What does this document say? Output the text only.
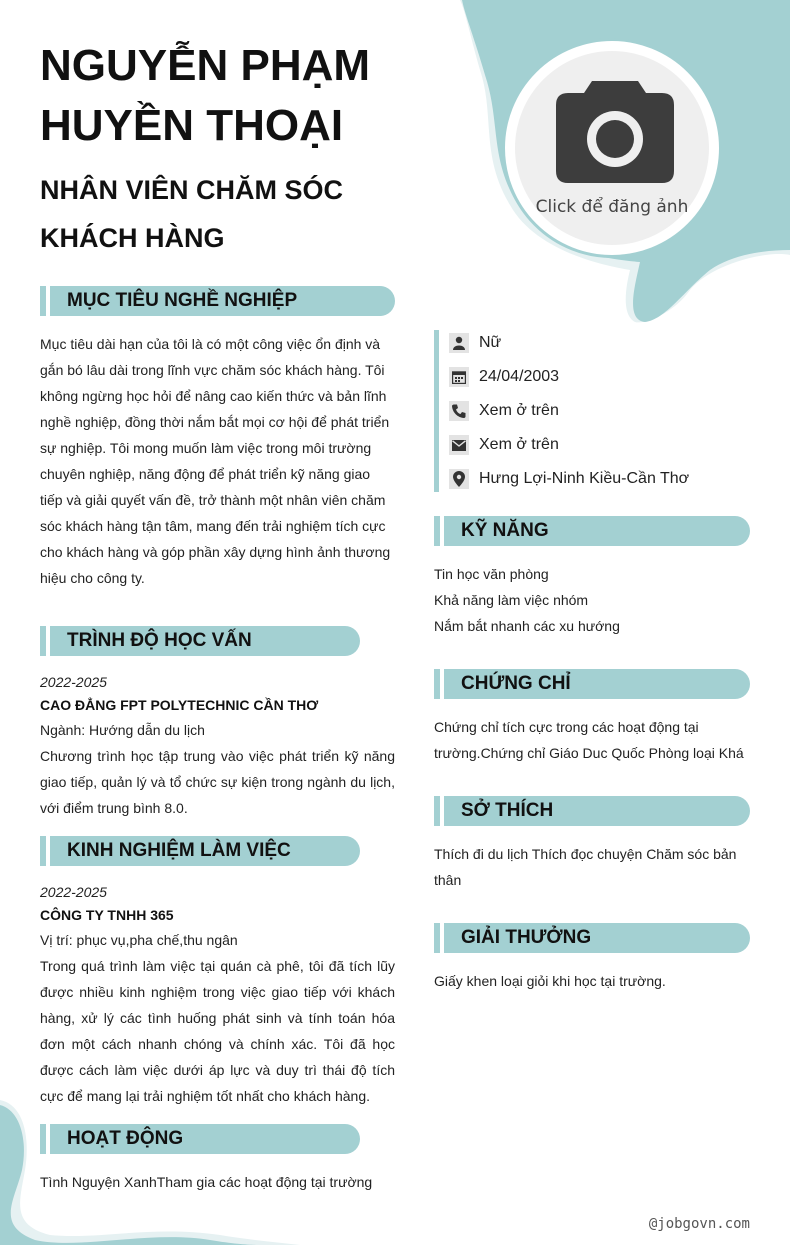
NGUYỄN PHẠM HUYỀN THOẠI
NHÂN VIÊN CHĂM SÓC KHÁCH HÀNG
Click để đăng ảnh
MỤC TIÊU NGHỀ NGHIỆP

Mục tiêu dài hạn của tôi là có một công việc ổn định và gắn bó lâu dài trong lĩnh vực chăm sóc khách hàng. Tôi không ngừng học hỏi để nâng cao kiến thức và bản lĩnh nghề nghiệp, đồng thời nắm bắt mọi cơ hội để phát triển sự nghiệp. Tôi mong muốn làm việc trong môi trường chuyên nghiệp, năng động để phát triển kỹ năng giao tiếp và giải quyết vấn đề, trở thành một nhân viên chăm sóc khách hàng tận tâm, mang đến trải nghiệm tích cực cho khách hàng và góp phần xây dựng hình ảnh thương hiệu cho công ty.

TRÌNH ĐỘ HỌC VẤN
2022-2025
CAO ĐẲNG FPT POLYTECHNIC CẦN THƠ
Ngành: Hướng dẫn du lịch

Chương trình học tập trung vào việc phát triển kỹ năng giao tiếp, quản lý và tổ chức sự kiện trong ngành du lịch, với điểm trung bình 8.0.

KINH NGHIỆM LÀM VIỆC
2022-2025
CÔNG TY TNHH 365
Vị trí: phục vụ,pha chế,thu ngân

Trong quá trình làm việc tại quán cà phê, tôi đã tích lũy được nhiều kinh nghiệm trong việc giao tiếp với khách hàng, xử lý các tình huống phát sinh và tính toán hóa đơn một cách nhanh chóng và chính xác. Tôi đã học được cách làm việc dưới áp lực và duy trì thái độ tích cực để mang lại trải nghiệm tốt nhất cho khách hàng.

HOẠT ĐỘNG

Tình Nguyện XanhTham gia các hoạt động tại trường

Nữ
24/04/2003
Xem ở trên
Xem ở trên
Hưng Lợi-Ninh Kiều-Cần Thơ
KỸ NĂNG
Tin học văn phòng
Khả năng làm việc nhóm
Nắm bắt nhanh các xu hướng
CHỨNG CHỈ

Chứng chỉ tích cực trong các hoạt động tại trường.Chứng chỉ Giáo Duc Quốc Phòng loại Khá

SỞ THÍCH

Thích đi du lịch Thích đọc chuyện Chăm sóc bản thân

GIẢI THƯỞNG

Giấy khen loại giỏi khi học tại trường.

@jobgovn.com
